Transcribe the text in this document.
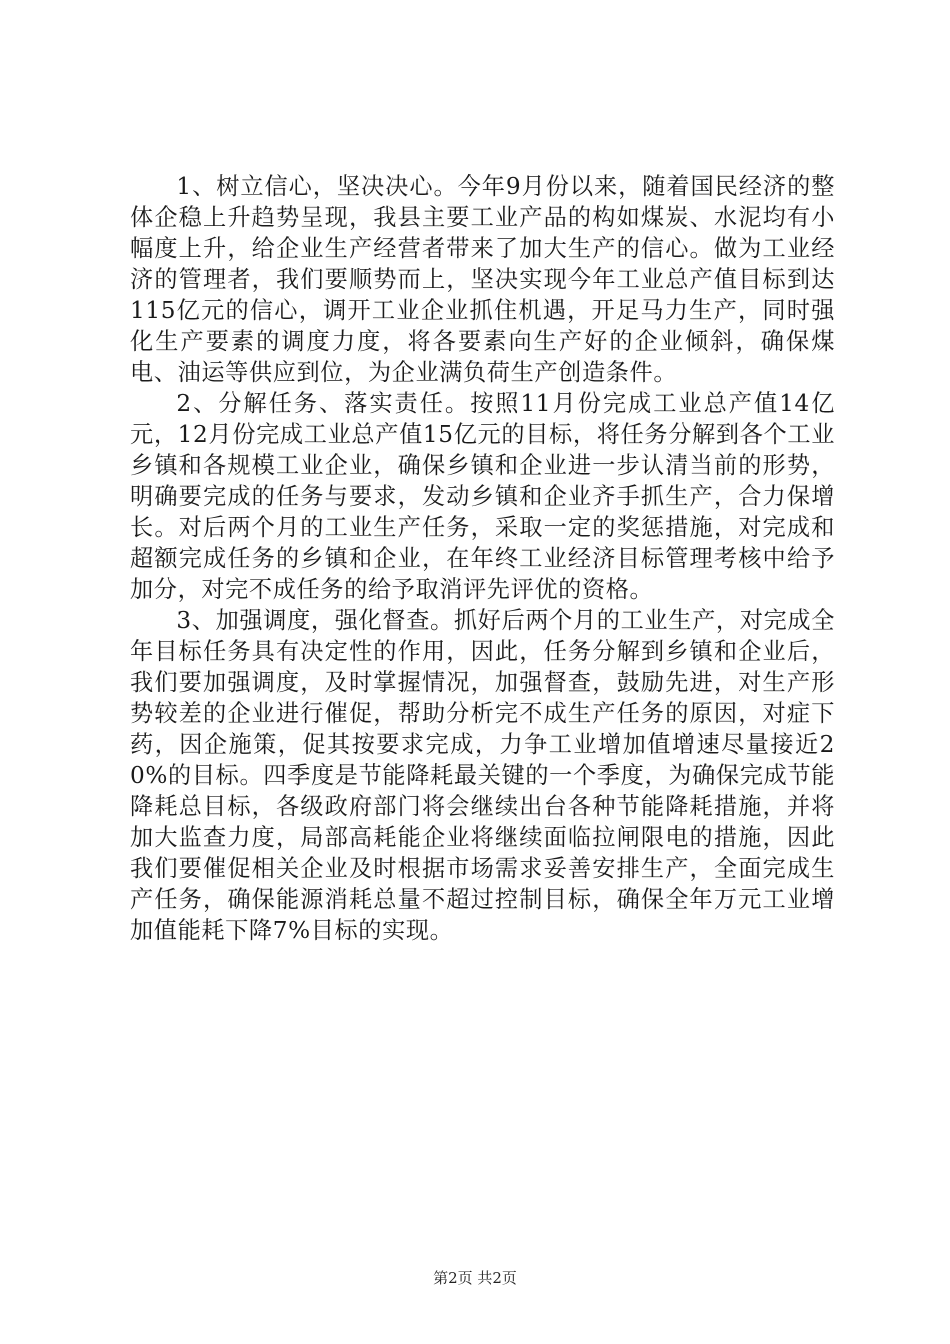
1、树立信心，坚决决心。今年9月份以来，随着国民经济的整体企稳上升趋势呈现，我县主要工业产品的构如煤炭、水泥均有小幅度上升，给企业生产经营者带来了加大生产的信心。做为工业经济的管理者，我们要顺势而上，坚决实现今年工业总产值目标到达115亿元的信心，调开工业企业抓住机遇，开足马力生产，同时强化生产要素的调度力度，将各要素向生产好的企业倾斜，确保煤电、油运等供应到位，为企业满负荷生产创造条件。

2、分解任务、落实责任。按照11月份完成工业总产值14亿元，12月份完成工业总产值15亿元的目标，将任务分解到各个工业乡镇和各规模工业企业，确保乡镇和企业进一步认清当前的形势，明确要完成的任务与要求，发动乡镇和企业齐手抓生产，合力保增长。对后两个月的工业生产任务，采取一定的奖惩措施，对完成和超额完成任务的乡镇和企业，在年终工业经济目标管理考核中给予加分，对完不成任务的给予取消评先评优的资格。

3、加强调度，强化督查。抓好后两个月的工业生产，对完成全年目标任务具有决定性的作用，因此，任务分解到乡镇和企业后，我们要加强调度，及时掌握情况，加强督查，鼓励先进，对生产形势较差的企业进行催促，帮助分析完不成生产任务的原因，对症下药，因企施策，促其按要求完成，力争工业增加值增速尽量接近20%的目标。四季度是节能降耗最关键的一个季度，为确保完成节能降耗总目标，各级政府部门将会继续出台各种节能降耗措施，并将加大监查力度，局部高耗能企业将继续面临拉闸限电的措施，因此我们要催促相关企业及时根据市场需求妥善安排生产，全面完成生产任务，确保能源消耗总量不超过控制目标，确保全年万元工业增加值能耗下降7%目标的实现。

第2页 共2页
